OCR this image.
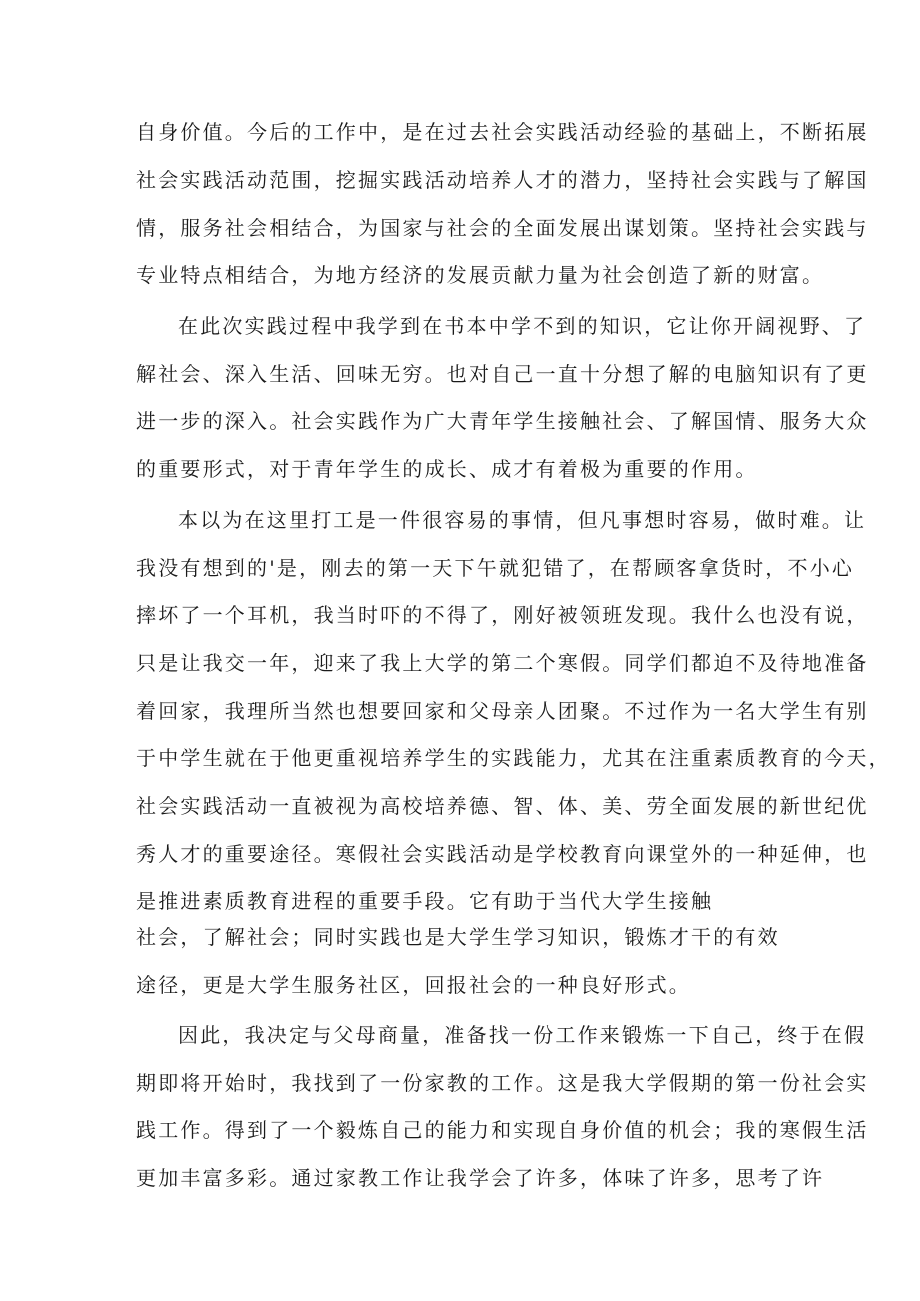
自身价值。今后的工作中，是在过去社会实践活动经验的基础上，不断拓展
社会实践活动范围，挖掘实践活动培养人才的潜力，坚持社会实践与了解国
情，服务社会相结合，为国家与社会的全面发展出谋划策。坚持社会实践与
专业特点相结合，为地方经济的发展贡献力量为社会创造了新的财富。
在此次实践过程中我学到在书本中学不到的知识，它让你开阔视野、了
解社会、深入生活、回味无穷。也对自己一直十分想了解的电脑知识有了更
进一步的深入。社会实践作为广大青年学生接触社会、了解国情、服务大众
的重要形式，对于青年学生的成长、成才有着极为重要的作用。
本以为在这里打工是一件很容易的事情，但凡事想时容易，做时难。让
我没有想到的'是，刚去的第一天下午就犯错了，在帮顾客拿货时，不小心
摔坏了一个耳机，我当时吓的不得了，刚好被领班发现。我什么也没有说，
只是让我交一年，迎来了我上大学的第二个寒假。同学们都迫不及待地准备
着回家，我理所当然也想要回家和父母亲人团聚。不过作为一名大学生有别
于中学生就在于他更重视培养学生的实践能力，尤其在注重素质教育的今天，
社会实践活动一直被视为高校培养德、智、体、美、劳全面发展的新世纪优
秀人才的重要途径。寒假社会实践活动是学校教育向课堂外的一种延伸，也
是推进素质教育进程的重要手段。它有助于当代大学生接触
社会，了解社会；同时实践也是大学生学习知识，锻炼才干的有效
途径，更是大学生服务社区，回报社会的一种良好形式。
因此，我决定与父母商量，准备找一份工作来锻炼一下自己，终于在假
期即将开始时，我找到了一份家教的工作。这是我大学假期的第一份社会实
践工作。得到了一个毅炼自己的能力和实现自身价值的机会；我的寒假生活
更加丰富多彩。通过家教工作让我学会了许多，体味了许多，思考了许
